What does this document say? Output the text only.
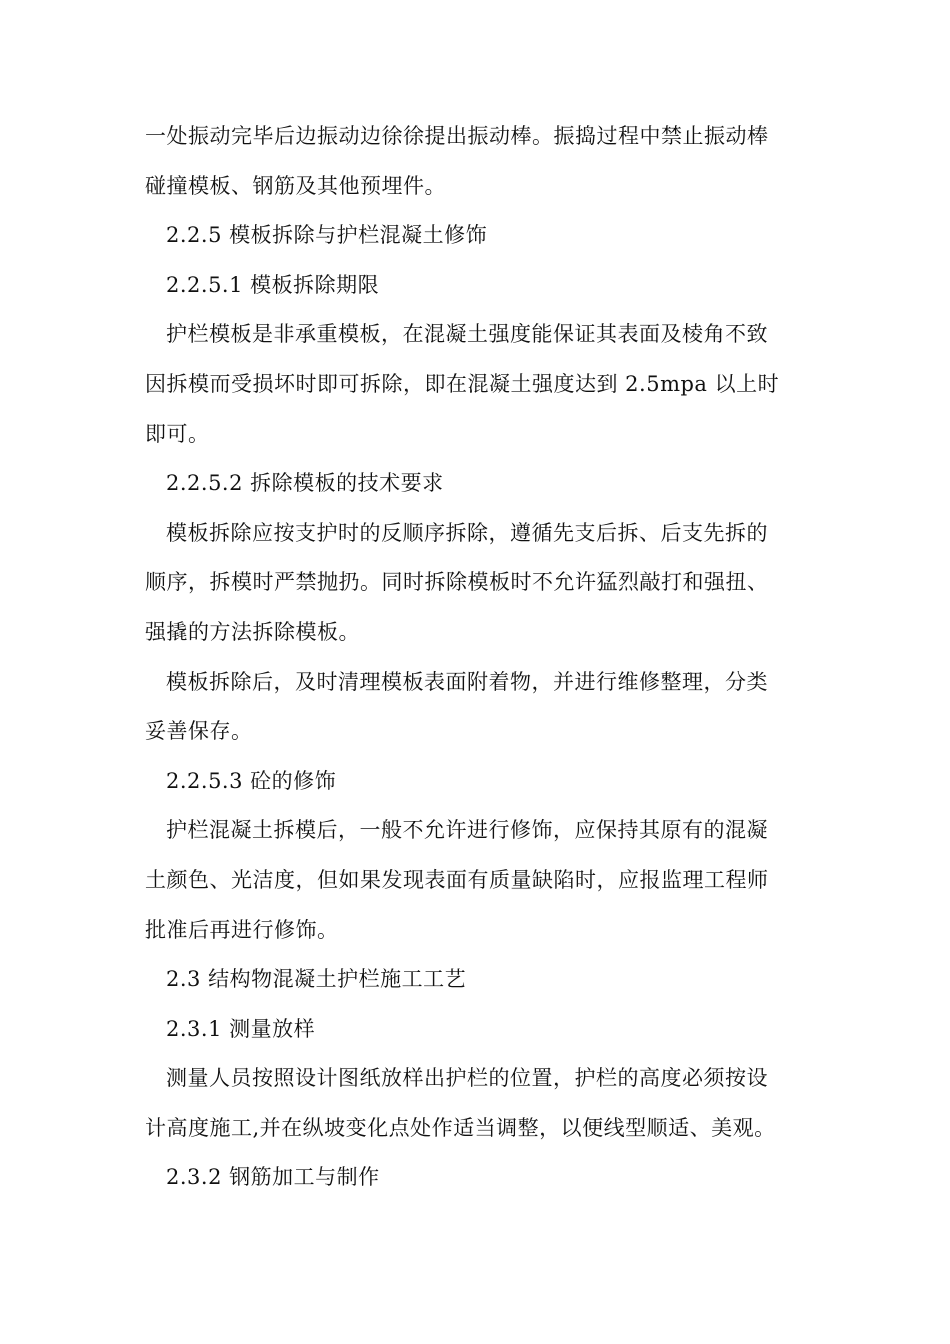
一处振动完毕后边振动边徐徐提出振动棒。振捣过程中禁止振动棒
碰撞模板、钢筋及其他预埋件。
2.2.5 模板拆除与护栏混凝土修饰
2.2.5.1 模板拆除期限
护栏模板是非承重模板，在混凝土强度能保证其表面及棱角不致
因拆模而受损坏时即可拆除，即在混凝土强度达到 2.5mpa 以上时
即可。
2.2.5.2 拆除模板的技术要求
模板拆除应按支护时的反顺序拆除，遵循先支后拆、后支先拆的
顺序，拆模时严禁抛扔。同时拆除模板时不允许猛烈敲打和强扭、
强撬的方法拆除模板。
模板拆除后，及时清理模板表面附着物，并进行维修整理，分类
妥善保存。
2.2.5.3 砼的修饰
护栏混凝土拆模后，一般不允许进行修饰，应保持其原有的混凝
土颜色、光洁度，但如果发现表面有质量缺陷时，应报监理工程师
批准后再进行修饰。
2.3 结构物混凝土护栏施工工艺
2.3.1 测量放样
测量人员按照设计图纸放样出护栏的位置，护栏的高度必须按设
计高度施工,并在纵坡变化点处作适当调整，以便线型顺适、美观。
2.3.2 钢筋加工与制作
